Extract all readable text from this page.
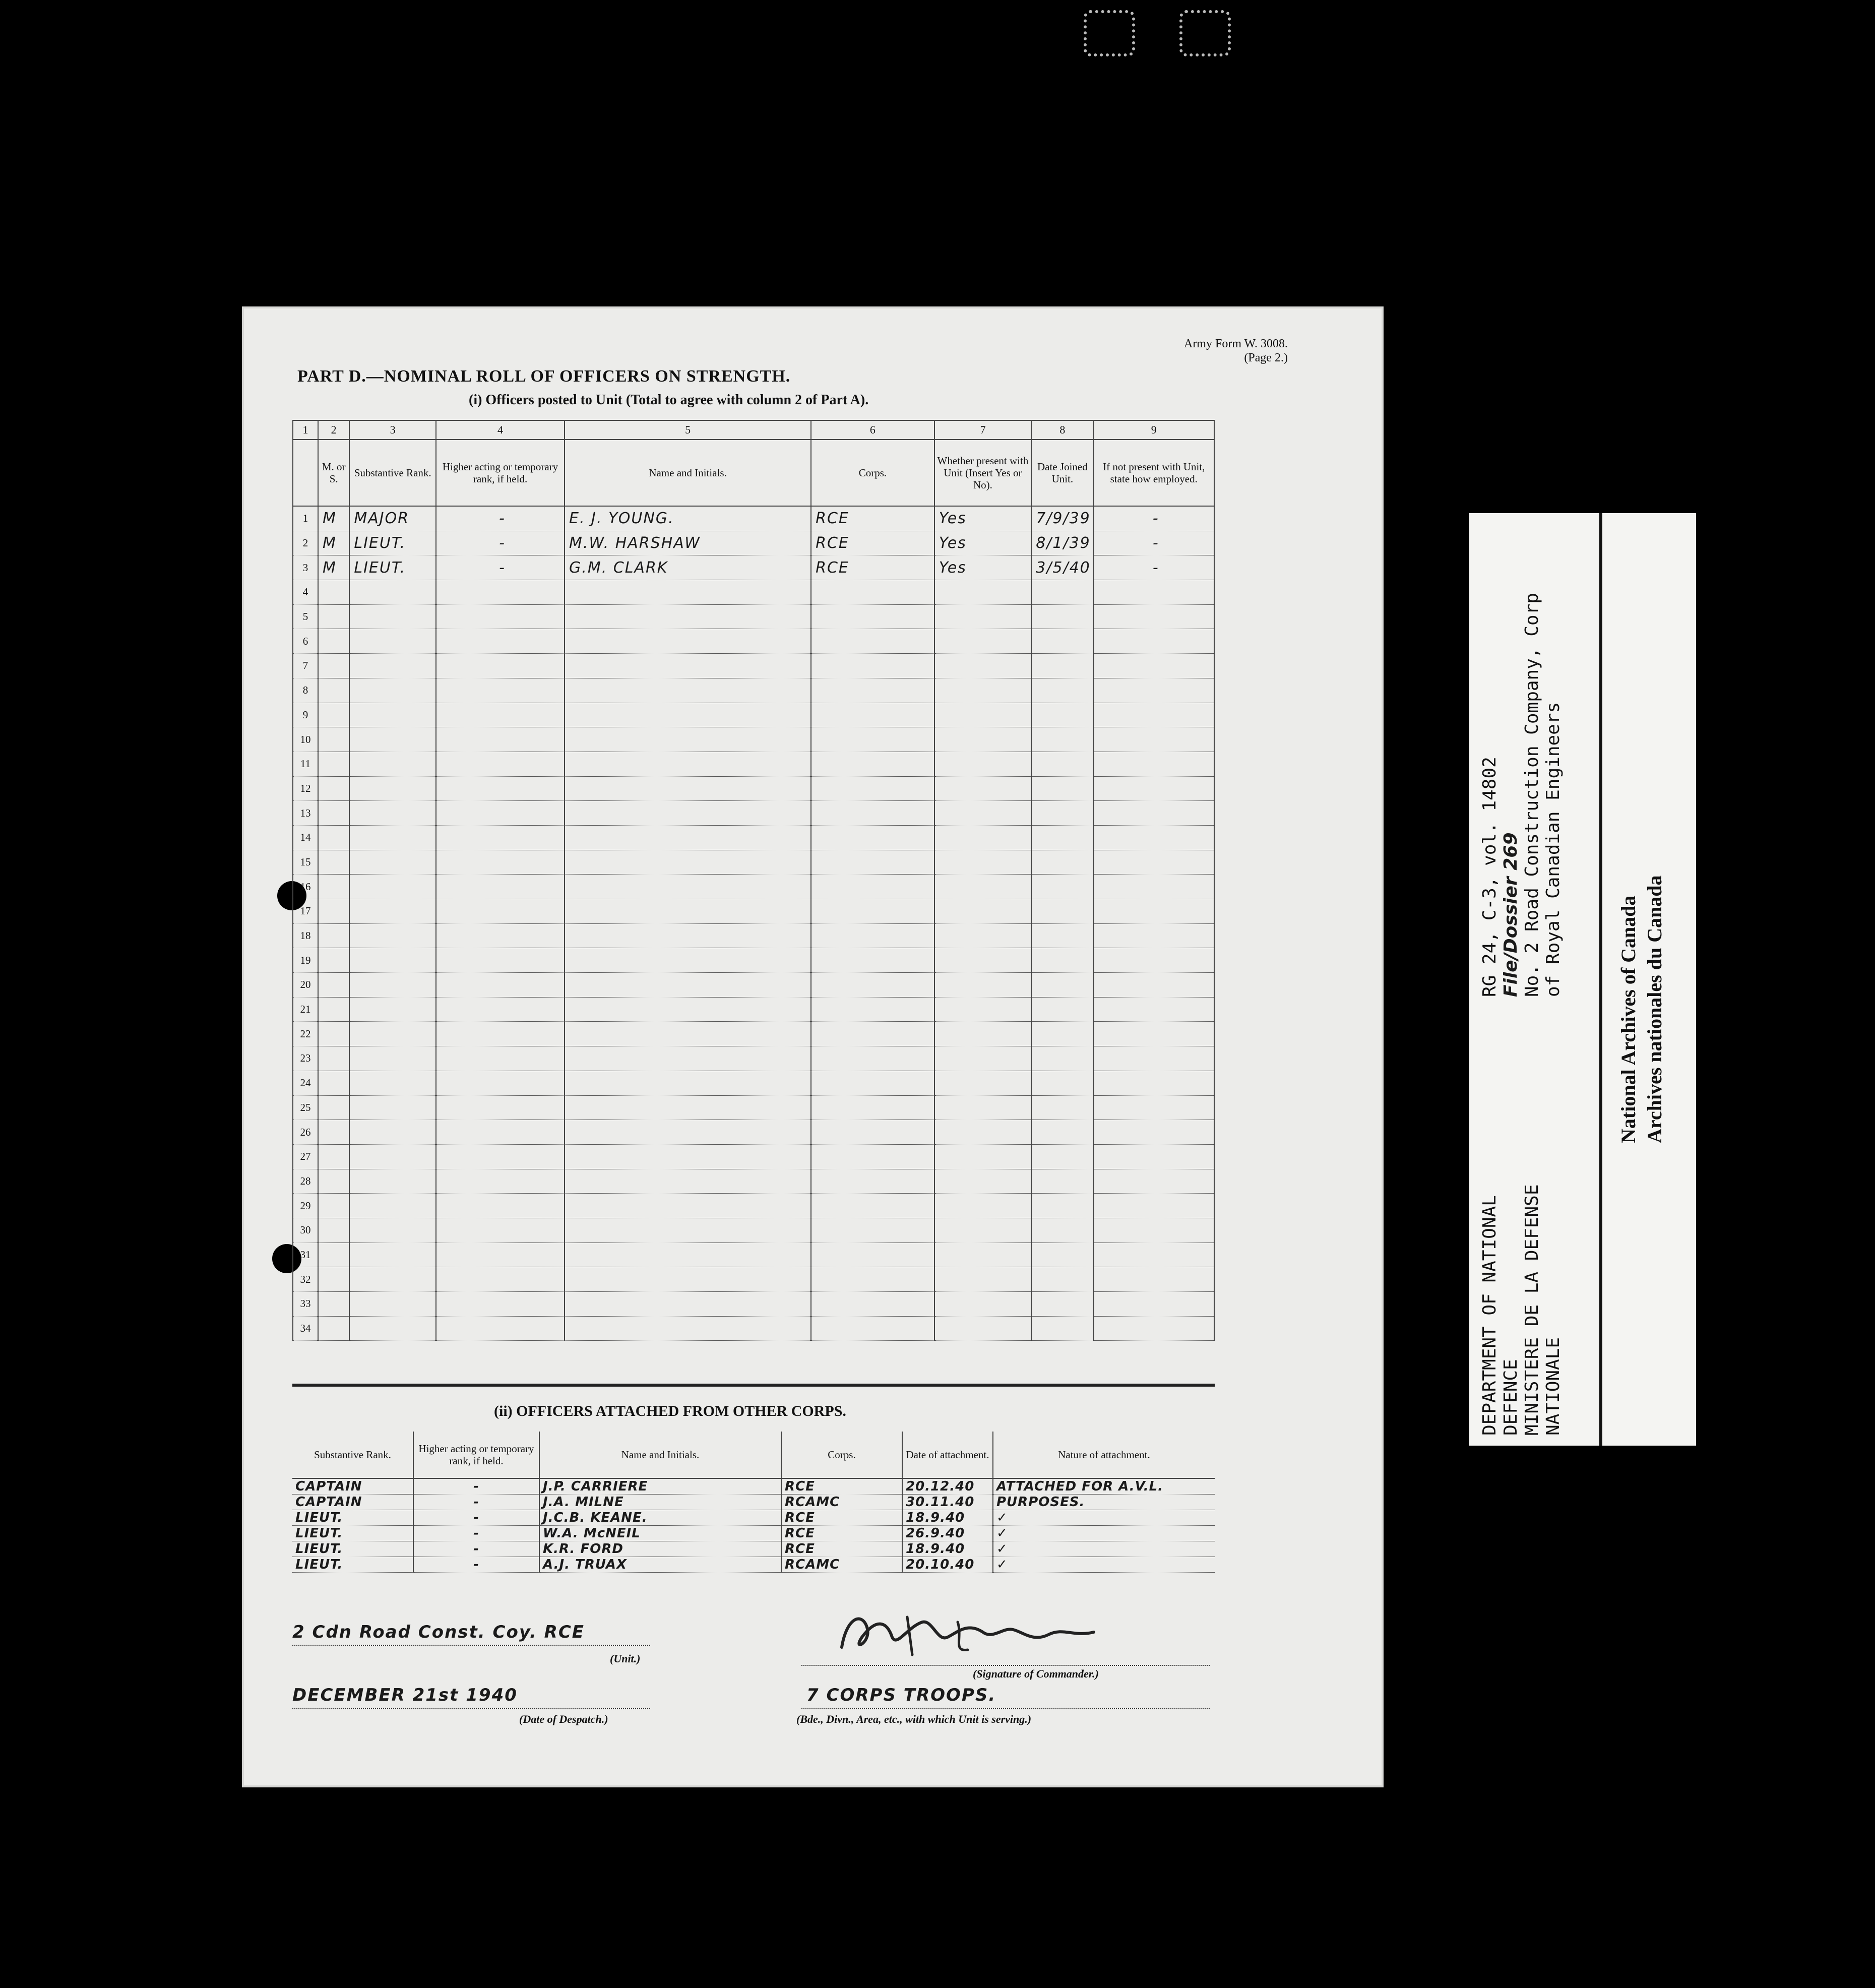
Army Form W. 3008.
(Page 2.)
PART D.—NOMINAL ROLL OF OFFICERS ON STRENGTH.
(i) Officers posted to Unit (Total to agree with column 2 of Part A).
1	2	3	4	5	6	7	8	9
	M. or S.	Substantive Rank.	Higher acting or temporary rank, if held.	Name and Initials.	Corps.	Whether present with Unit (Insert Yes or No).	Date Joined Unit.	If not present with Unit, state how employed.
1	M	MAJOR	-	E. J. YOUNG.	RCE	Yes	7/9/39	-
2	M	LIEUT.	-	M.W. HARSHAW	RCE	Yes	8/1/39	-
3	M	LIEUT.	-	G.M. CLARK	RCE	Yes	3/5/40	-
4								
5								
6								
7								
8								
9								
10								
11								
12								
13								
14								
15								
16								
17								
18								
19								
20								
21								
22								
23								
24								
25								
26								
27								
28								
29								
30								
31								
32								
33								
34								
(ii) OFFICERS ATTACHED FROM OTHER CORPS.
Substantive Rank.	Higher acting or temporary rank, if held.	Name and Initials.	Corps.	Date of attachment.	Nature of attachment.
CAPTAIN	-	J.P. CARRIERE	RCE	20.12.40	ATTACHED FOR A.V.L.
CAPTAIN	-	J.A. MILNE	RCAMC	30.11.40	PURPOSES.
LIEUT.	-	J.C.B. KEANE.	RCE	18.9.40	✓
LIEUT.	-	W.A. McNEIL	RCE	26.9.40	✓
LIEUT.	-	K.R. FORD	RCE	18.9.40	✓
LIEUT.	-	A.J. TRUAX	RCAMC	20.10.40	✓
2 Cdn Road Const. Coy. RCE
(Unit.)
DECEMBER 21st 1940
(Date of Despatch.)
(Signature of Commander.)
7 CORPS TROOPS.
(Bde., Divn., Area, etc., with which Unit is serving.)
DEPARTMENT OF NATIONAL DEFENCE MINISTERE DE LA DEFENSE NATIONALE
RG 24, C-3, vol. 14802 File/Dossier 269 No. 2 Road Construction Company, Corp of Royal Canadian Engineers
National Archives of Canada Archives nationales du Canada
